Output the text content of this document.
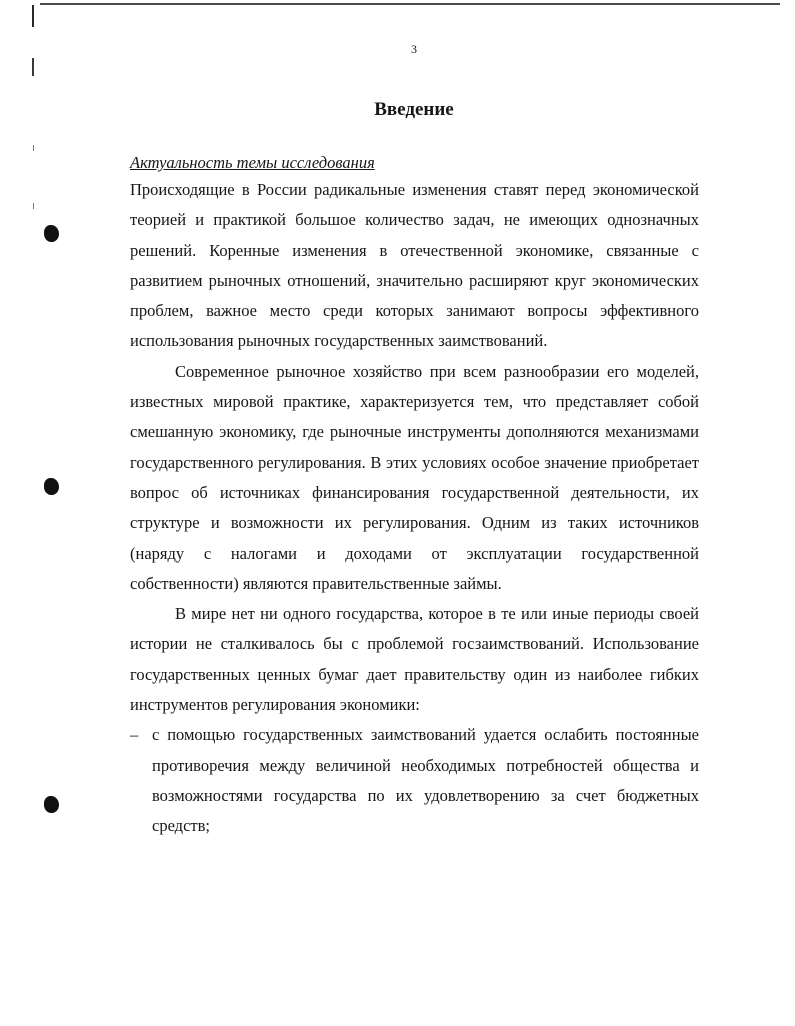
3
Введение

Актуальность темы исследования

Происходящие в России радикальные изменения ставят перед экономической теорией и практикой большое количество задач, не имеющих однозначных решений. Коренные изменения в отечественной экономике, связанные с развитием рыночных отношений, значительно расширяют круг экономических проблем, важное место среди которых занимают вопросы эффективного использования рыночных государственных заимствований.

Современное рыночное хозяйство при всем разнообразии его моделей, известных мировой практике, характеризуется тем, что представляет собой смешанную экономику, где рыночные инструменты дополняются механизмами государственного регулирования. В этих условиях особое значение приобретает вопрос об источниках финансирования государственной деятельности, их структуре и возможности их регулирования. Одним из таких источников (наряду с налогами и доходами от эксплуатации государственной собственности) являются правительственные займы.

В мире нет ни одного государства, которое в те или иные периоды своей истории не сталкивалось бы с проблемой госзаимствований. Использование государственных ценных бумаг дает правительству один из наиболее гибких инструментов регулирования экономики:

– с помощью государственных заимствований удается ослабить постоянные противоречия между величиной необходимых потребностей общества и возможностями государства по их удовлетворению за счет бюджетных средств;
